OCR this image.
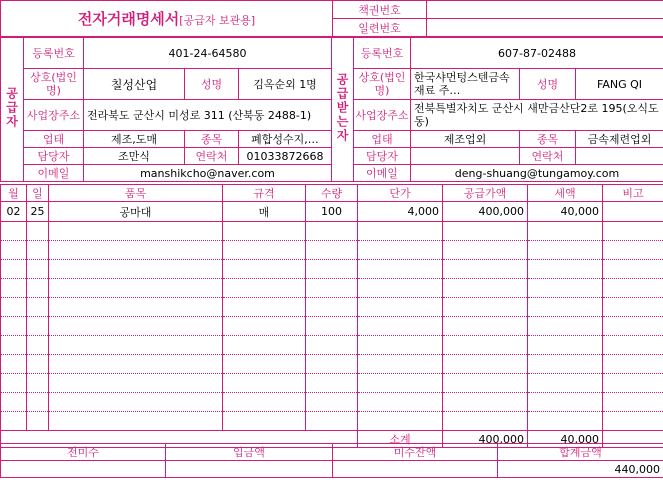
전자거래명세서[공급자 보관용]	책권번호	
	일련번호	
공급자	등록번호	401-24-64580			공급받는자	등록번호	607-87-02488		
	상호(법인명)	칠성산업	성명	김옥순외 1명		상호(법인명)	한국샤먼텅스텐금속재료 주…	성명	FANG QI
	사업장주소	전라북도 군산시 미성로 311 (산북동 2488-1)				사업장주소	전북특별자치도 군산시 새만금산단2로 195(오식도동)		
	업태	제조,도매	종목	폐합성수지,…		업태	제조업외	종목	금속제련업외
	담당자	조만식	연락처	01033872668		담당자		연락처	
	이메일	manshikcho@naver.com				이메일	deng-shuang@tungamoy.com		
월	일	품목	규격	수량	단가	공급가액	세액	비고
02	25	공마대	매	100	4,000	400,000	40,000	

					소계	400,000	40,000	
전미수	입금액	미수잔액	합계금액
			440,000
